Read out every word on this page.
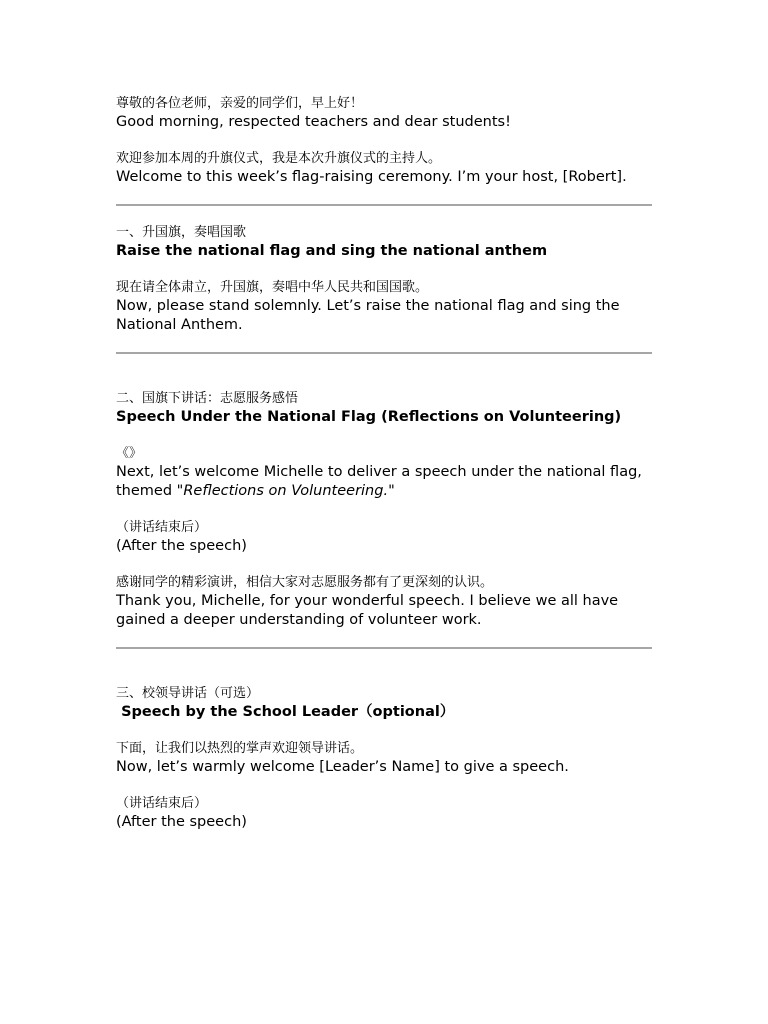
尊敬的各位老师，亲爱的同学们，早上好！

Good morning, respected teachers and dear students!

欢迎参加本周的升旗仪式，我是本次升旗仪式的主持人。

Welcome to this week’s flag-raising ceremony. I’m your host, [Robert].

一、升国旗，奏唱国歌

Raise the national flag and sing the national anthem

现在请全体肃立，升国旗，奏唱中华人民共和国国歌。

Now, please stand solemnly. Let’s raise the national flag and sing the National Anthem.

二、国旗下讲话：志愿服务感悟

Speech Under the National Flag (Reflections on Volunteering)

《》

Next, let’s welcome Michelle to deliver a speech under the national flag, themed "Reflections on Volunteering."

（讲话结束后）

(After the speech)

感谢同学的精彩演讲，相信大家对志愿服务都有了更深刻的认识。

Thank you, Michelle, for your wonderful speech. I believe we all have gained a deeper understanding of volunteer work.

三、校领导讲话（可选）

Speech by the School Leader（optional）

下面，让我们以热烈的掌声欢迎领导讲话。

Now, let’s warmly welcome [Leader’s Name] to give a speech.

（讲话结束后）

(After the speech)
